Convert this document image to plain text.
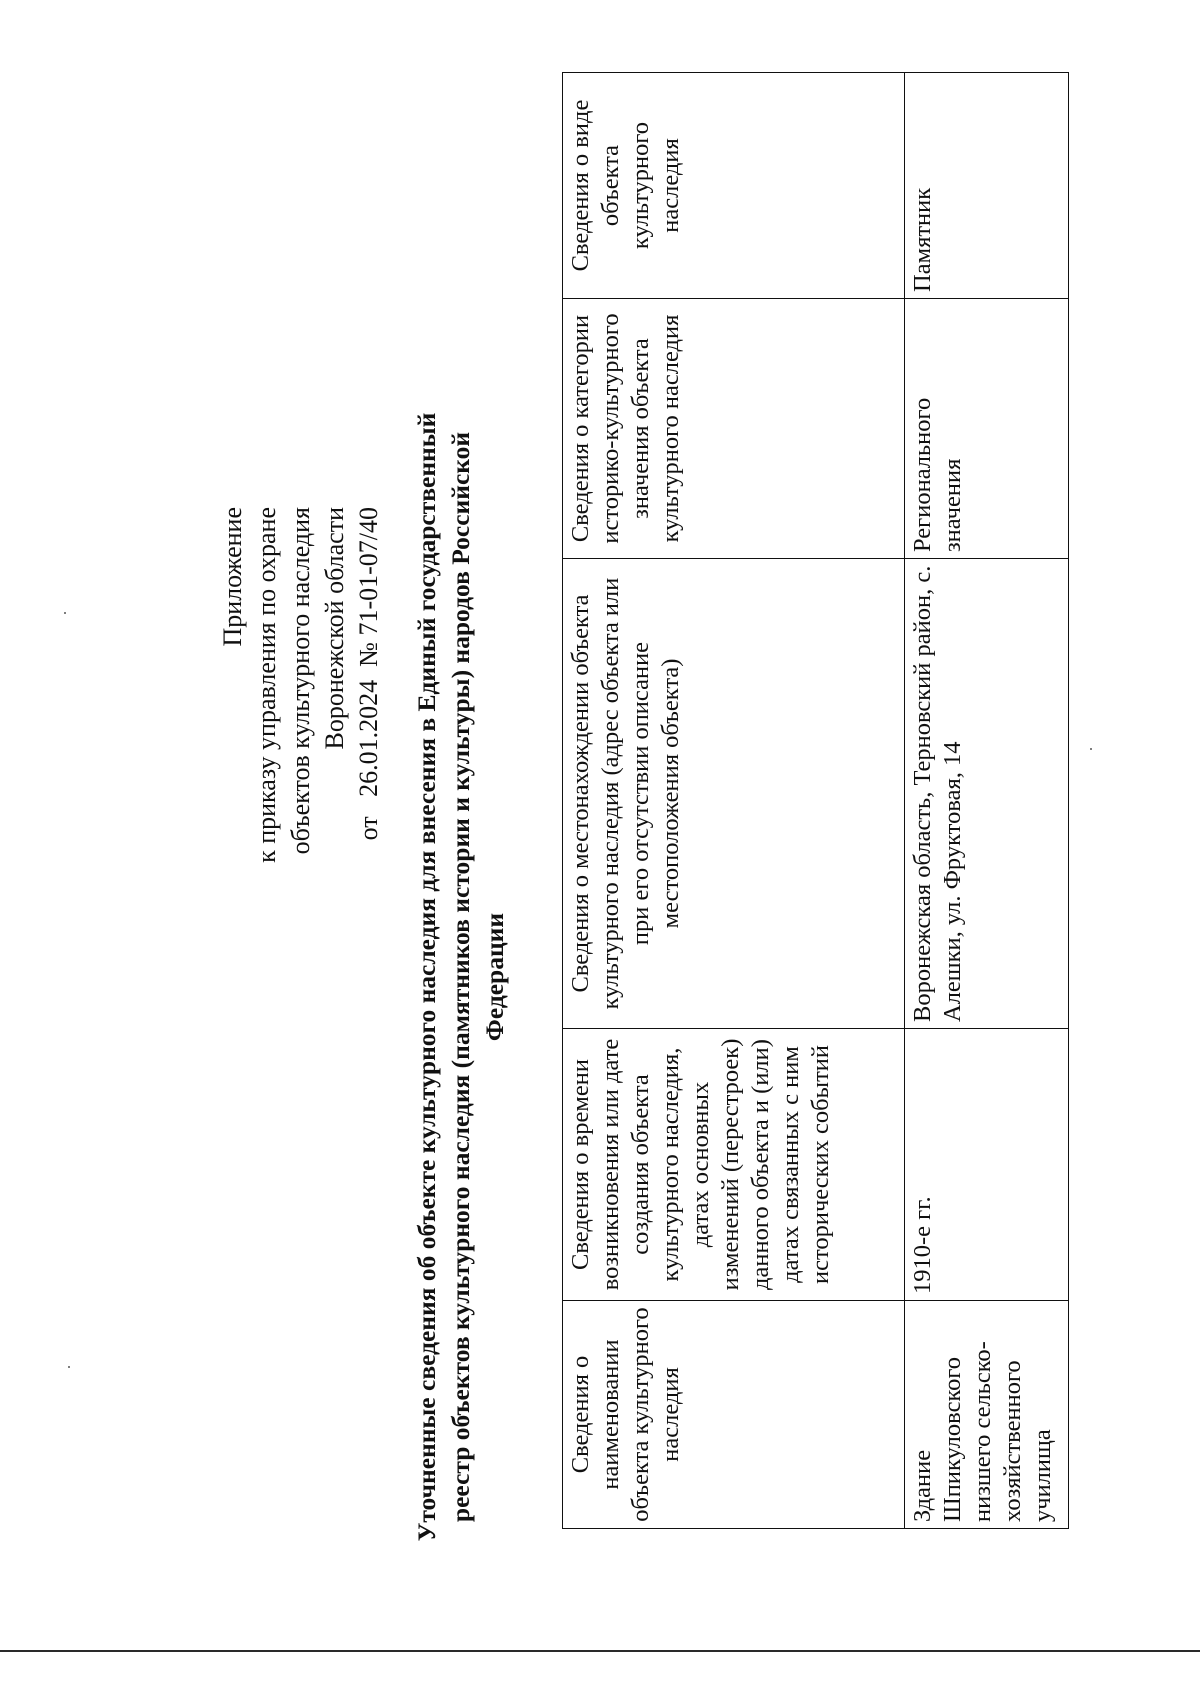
Приложение к приказу управления по охране объектов культурного наследия Воронежской области от   26.01.2024  № 71-01-07/40 Уточненные сведения об объекте культурного наследия для внесения в Единый государственный реестр объектов культурного наследия (памятников истории и культуры) народов Российской Федерации
Сведения о наименовании объекта культурного наследия	Сведения о времени возникновения или дате создания объекта культурного наследия, датах основных изменений (перестроек) данного объекта и (или) датах связанных с ним исторических событий	Сведения о местонахождении объекта культурного наследия (адрес объекта или при его отсутствии описание местоположения объекта)	Сведения о категории историко-культурного значения объекта культурного наследия	Сведения о виде объекта культурного наследия
Здание Шпикуловского низшего сельско-хозяйственного училища	1910-е гг.	Воронежская область, Терновский район, с. Алешки, ул. Фруктовая, 14	Регионального значения	Памятник
